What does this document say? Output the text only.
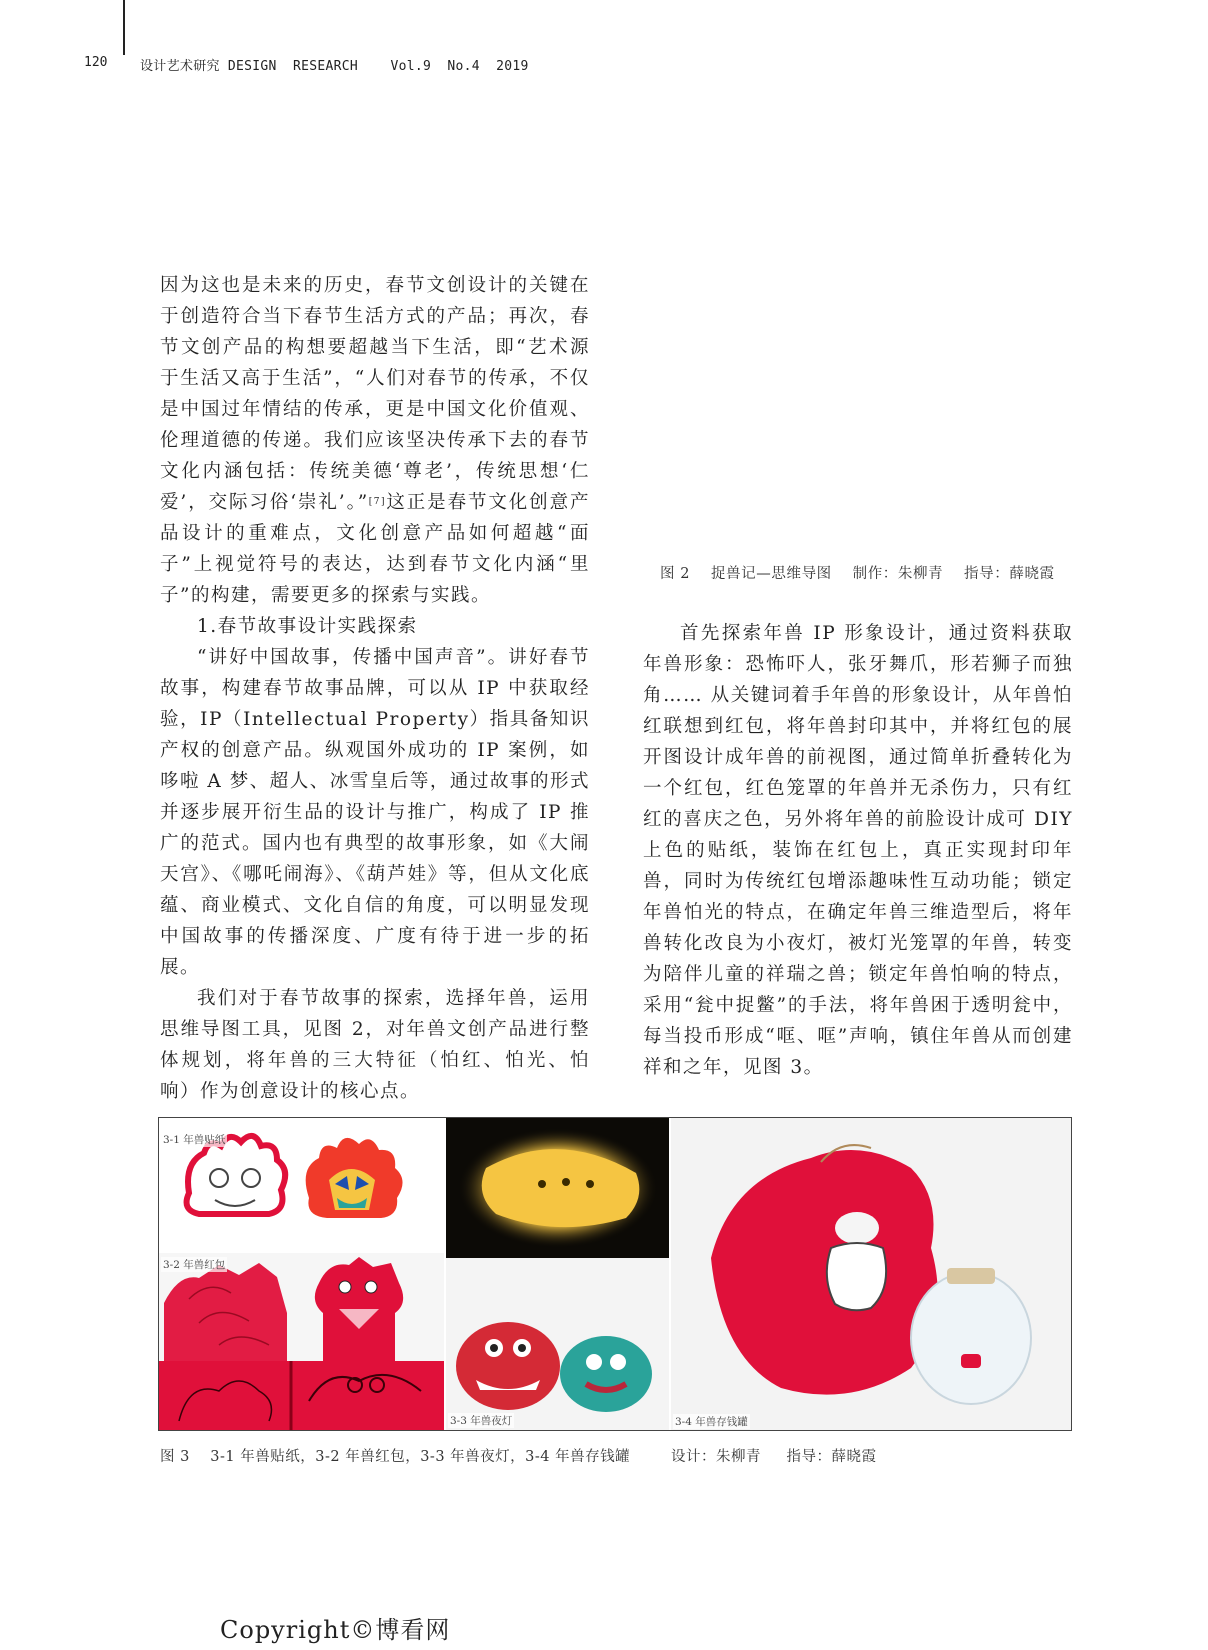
120	设计艺术研究 DESIGN  RESEARCH    Vol.9  No.4  2019

因为这也是未来的历史，春节文创设计的关键在于创造符合当下春节生活方式的产品；再次，春节文创产品的构想要超越当下生活，即“艺术源于生活又高于生活”，“人们对春节的传承，不仅是中国过年情结的传承，更是中国文化价值观、伦理道德的传递。我们应该坚决传承下去的春节文化内涵包括：传统美德‘尊老’，传统思想‘仁爱’，交际习俗‘崇礼’。”[7]这正是春节文化创意产品设计的重难点，文化创意产品如何超越“面子”上视觉符号的表达，达到春节文化内涵“里子”的构建，需要更多的探索与实践。

1.春节故事设计实践探索

“讲好中国故事，传播中国声音”。讲好春节故事，构建春节故事品牌，可以从 IP 中获取经验，IP（Intellectual Property）指具备知识产权的创意产品。纵观国外成功的 IP 案例，如哆啦 A 梦、超人、冰雪皇后等，通过故事的形式并逐步展开衍生品的设计与推广，构成了 IP 推广的范式。国内也有典型的故事形象，如《大闹天宫》、《哪吒闹海》、《葫芦娃》等，但从文化底蕴、商业模式、文化自信的角度，可以明显发现中国故事的传播深度、广度有待于进一步的拓展。

我们对于春节故事的探索，选择年兽，运用思维导图工具，见图 2，对年兽文创产品进行整体规划，将年兽的三大特征（怕红、怕光、怕响）作为创意设计的核心点。

图 2    捉兽记—思维导图    制作：朱柳青    指导：薛晓霞

首先探索年兽 IP 形象设计，通过资料获取年兽形象：恐怖吓人，张牙舞爪，形若狮子而独角…… 从关键词着手年兽的形象设计，从年兽怕红联想到红包，将年兽封印其中，并将红包的展开图设计成年兽的前视图，通过简单折叠转化为一个红包，红色笼罩的年兽并无杀伤力，只有红红的喜庆之色，另外将年兽的前脸设计成可 DIY 上色的贴纸，装饰在红包上，真正实现封印年兽，同时为传统红包增添趣味性互动功能；锁定年兽怕光的特点，在确定年兽三维造型后，将年兽转化改良为小夜灯，被灯光笼罩的年兽，转变为陪伴儿童的祥瑞之兽；锁定年兽怕响的特点，采用“瓮中捉鳖”的手法，将年兽困于透明瓮中，每当投币形成“哐、哐”声响，镇住年兽从而创建祥和之年，见图 3。

3-1 年兽贴纸
3-2 年兽红包
3-3 年兽夜灯	3-4 年兽存钱罐
图 3    3-1 年兽贴纸，3-2 年兽红包，3-3 年兽夜灯，3-4 年兽存钱罐        设计：朱柳青     指导：薛晓霞
Copyright©博看网
